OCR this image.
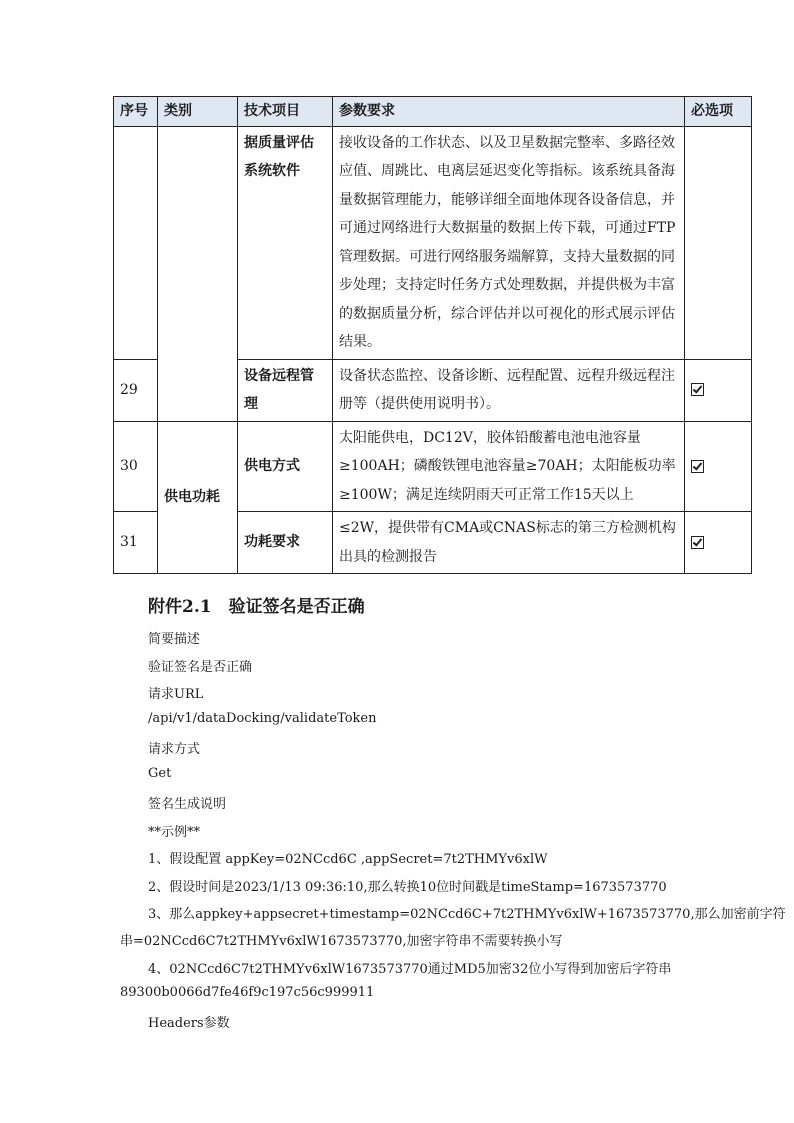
序号	类别	技术项目	参数要求	必选项
		据质量评估系统软件	接收设备的工作状态、以及卫星数据完整率、多路径效应值、周跳比、电离层延迟变化等指标。该系统具备海量数据管理能力，能够详细全面地体现各设备信息，并可通过网络进行大数据量的数据上传下载，可通过FTP管理数据。可进行网络服务端解算，支持大量数据的同步处理；支持定时任务方式处理数据，并提供极为丰富的数据质量分析，综合评估并以可视化的形式展示评估结果。	
29		设备远程管理	设备状态监控、设备诊断、远程配置、远程升级远程注册等（提供使用说明书）。	
30	供电功耗	供电方式	太阳能供电，DC12V，胶体铅酸蓄电池电池容量≥100AH；磷酸铁锂电池容量≥70AH；太阳能板功率≥100W；满足连续阴雨天可正常工作15天以上	
31		功耗要求	≤2W，提供带有CMA或CNAS标志的第三方检测机构出具的检测报告	
附件2.1　验证签名是否正确
简要描述
验证签名是否正确
请求URL
/api/v1/dataDocking/validateToken
请求方式
Get
签名生成说明
**示例**
1、假设配置 appKey=02NCcd6C ,appSecret=7t2THMYv6xlW
2、假设时间是2023/1/13 09:36:10,那么转换10位时间戳是timeStamp=1673573770
3、那么appkey+appsecret+timestamp=02NCcd6C+7t2THMYv6xlW+1673573770,那么加密前字符
串=02NCcd6C7t2THMYv6xlW1673573770,加密字符串不需要转换小写
4、02NCcd6C7t2THMYv6xlW1673573770通过MD5加密32位小写得到加密后字符串
89300b0066d7fe46f9c197c56c999911
Headers参数
